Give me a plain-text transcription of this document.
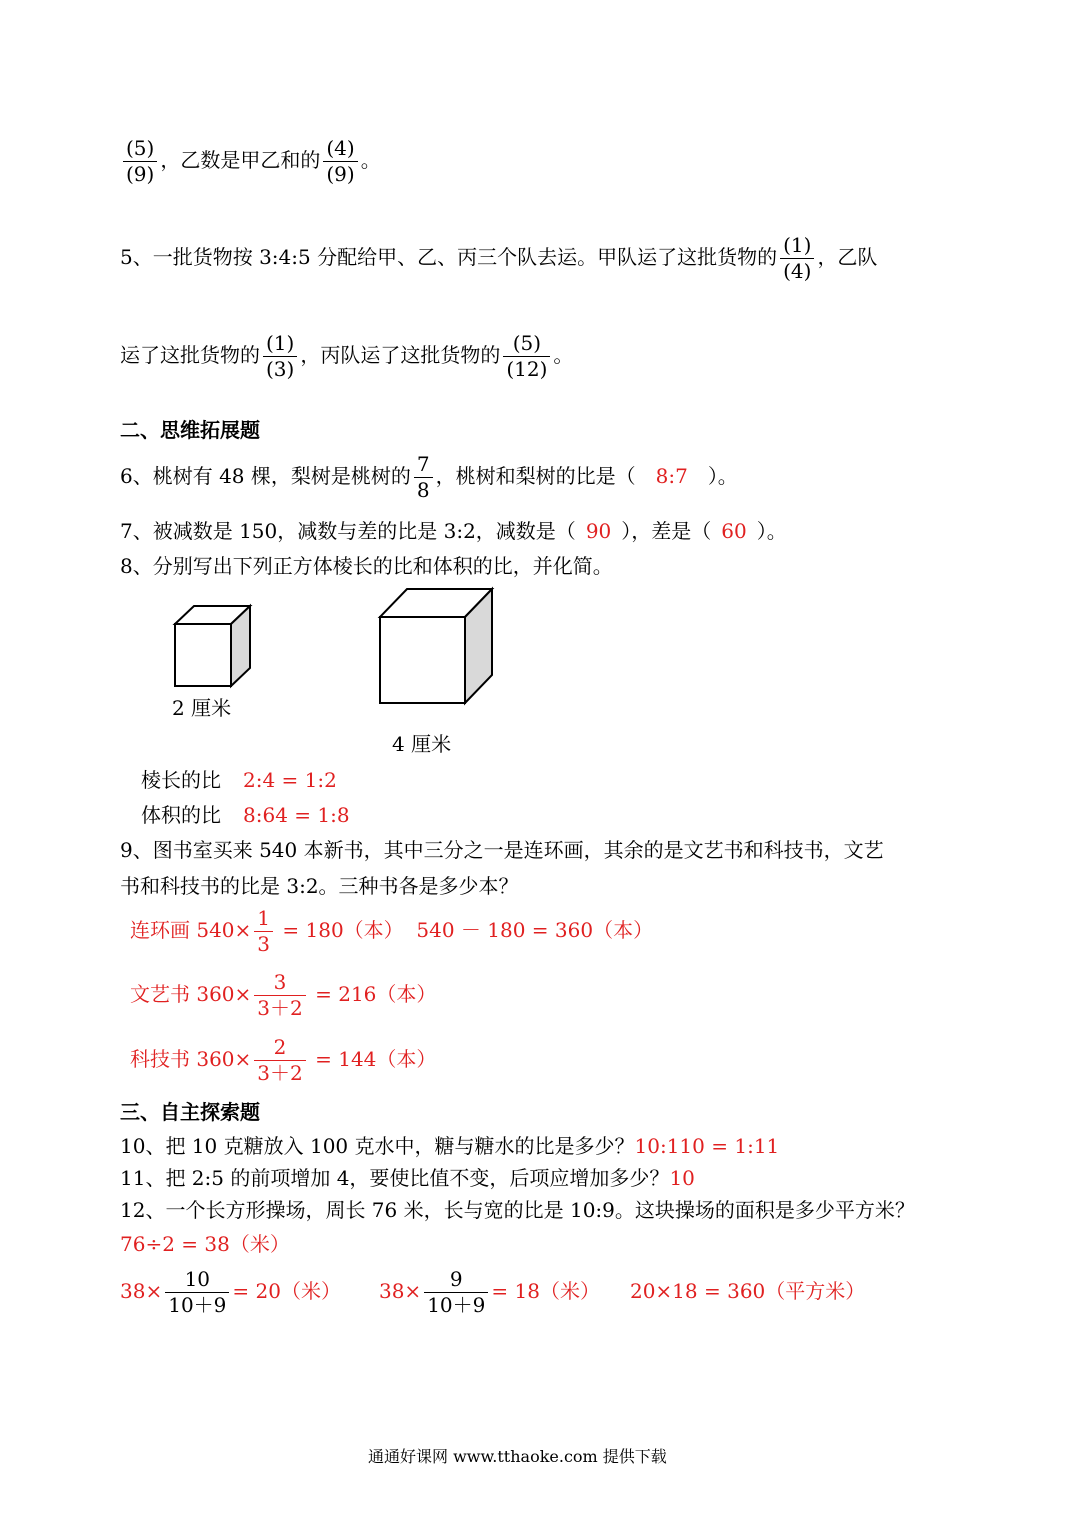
$\frac{(5)}{(9)}$ ，乙数是甲乙和的 $\frac{(4)}{(9)}$ 。
5、一批货物按 3:4:5 分配给甲、乙、丙三个队去运。甲队运了这批货物的 $\frac{(1)}{(4)}$ ，乙队
运了这批货物的 $\frac{(1)}{(3)}$ ，丙队运了这批货物的 $\frac{(5)}{(12)}$ 。
二、思维拓展题
6、桃树有 48 棵，梨树是桃树的 $\frac{7}{8}$ ，桃树和梨树的比是（ 8:7 ）。
7、被减数是 150，减数与差的比是 3:2，减数是（ 90 ），差是（ 60 ）。
8、分别写出下列正方体棱长的比和体积的比，并化简。
2 厘米
4 厘米
棱长的比 2:4 = 1:2
体积的比 8:64 = 1:8
9、图书室买来 540 本新书，其中三分之一是连环画，其余的是文艺书和科技书，文艺
书和科技书的比是 3:2。三种书各是多少本？
连环画 $540\times \frac{1}{3} = 180$（本）  540 － 180 = 360（本）
文艺书 $360\times \frac{3}{3+2} = 216$（本）
科技书 $360\times \frac{2}{3+2} = 144$（本）
三、自主探索题
10、把 10 克糖放入 100 克水中，糖与糖水的比是多少？10:110 = 1:11
11、把 2:5 的前项增加 4，要使比值不变，后项应增加多少？10
12、一个长方形操场，周长 76 米，长与宽的比是 10:9。这块操场的面积是多少平方米？
76÷2 = 38（米）
$38\times \frac{10}{10+9} = 20$（米） $38\times \frac{9}{10+9} = 18$（米） 20×18 = 360（平方米）
通通好课网 www.tthaoke.com 提供下载
